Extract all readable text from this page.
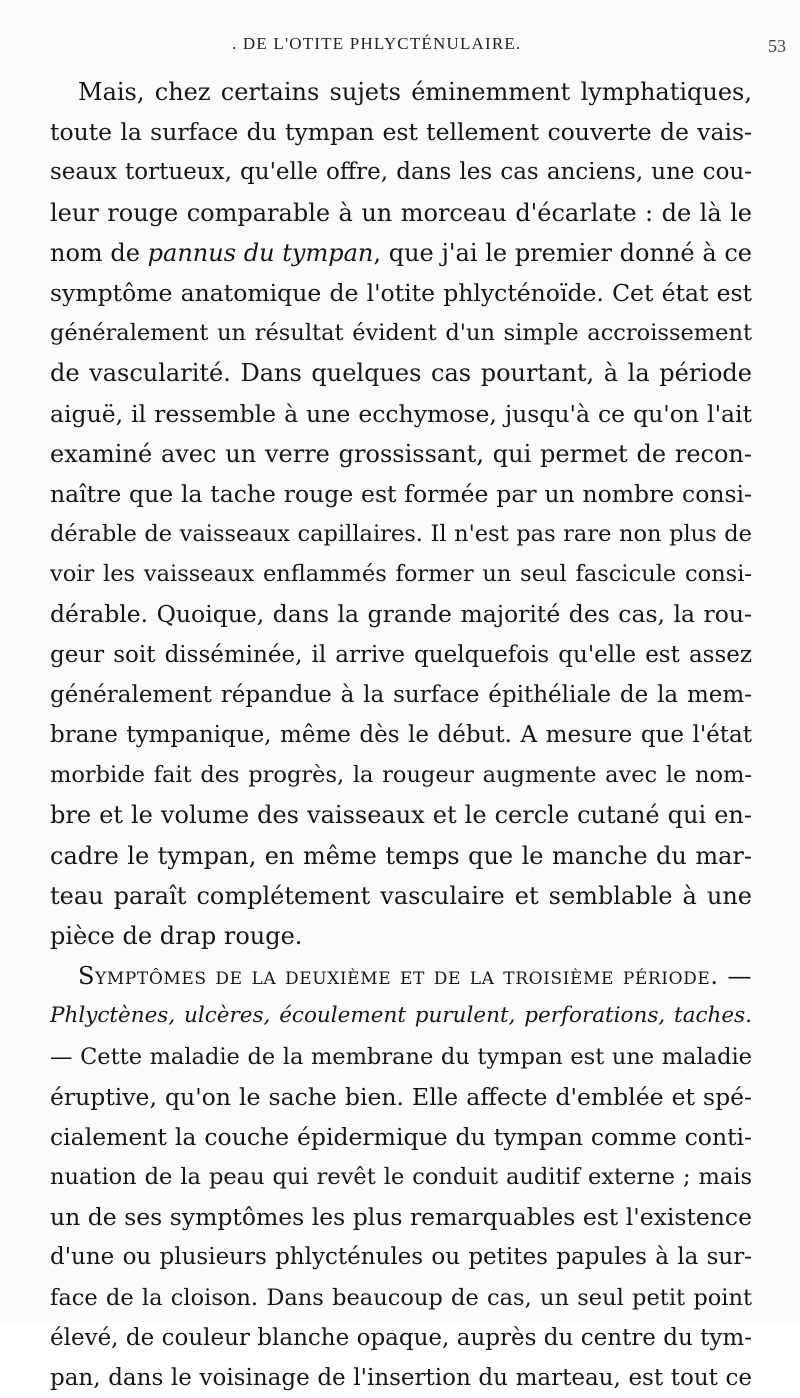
. DE L'OTITE PHLYCTÉNULAIRE.	53
Mais, chez certains sujets éminemment lymphatiques,
toute la surface du tympan est tellement couverte de vais-
seaux tortueux, qu'elle offre, dans les cas anciens, une cou-
leur rouge comparable à un morceau d'écarlate : de là le
nom de pannus du tympan, que j'ai le premier donné à ce
symptôme anatomique de l'otite phlycténoïde. Cet état est
généralement un résultat évident d'un simple accroissement
de vascularité. Dans quelques cas pourtant, à la période
aiguë, il ressemble à une ecchymose, jusqu'à ce qu'on l'ait
examiné avec un verre grossissant, qui permet de recon-
naître que la tache rouge est formée par un nombre consi-
dérable de vaisseaux capillaires. Il n'est pas rare non plus de
voir les vaisseaux enflammés former un seul fascicule consi-
dérable. Quoique, dans la grande majorité des cas, la rou-
geur soit disséminée, il arrive quelquefois qu'elle est assez
généralement répandue à la surface épithéliale de la mem-
brane tympanique, même dès le début. A mesure que l'état
morbide fait des progrès, la rougeur augmente avec le nom-
bre et le volume des vaisseaux et le cercle cutané qui en-
cadre le tympan, en même temps que le manche du mar-
teau paraît complétement vasculaire et semblable à une
pièce de drap rouge.
Symptômes de la deuxième et de la troisième période. —
Phlyctènes, ulcères, écoulement purulent, perforations, taches.
— Cette maladie de la membrane du tympan est une maladie
éruptive, qu'on le sache bien. Elle affecte d'emblée et spé-
cialement la couche épidermique du tympan comme conti-
nuation de la peau qui revêt le conduit auditif externe ; mais
un de ses symptômes les plus remarquables est l'existence
d'une ou plusieurs phlycténules ou petites papules à la sur-
face de la cloison. Dans beaucoup de cas, un seul petit point
élevé, de couleur blanche opaque, auprès du centre du tym-
pan, dans le voisinage de l'insertion du marteau, est tout ce
